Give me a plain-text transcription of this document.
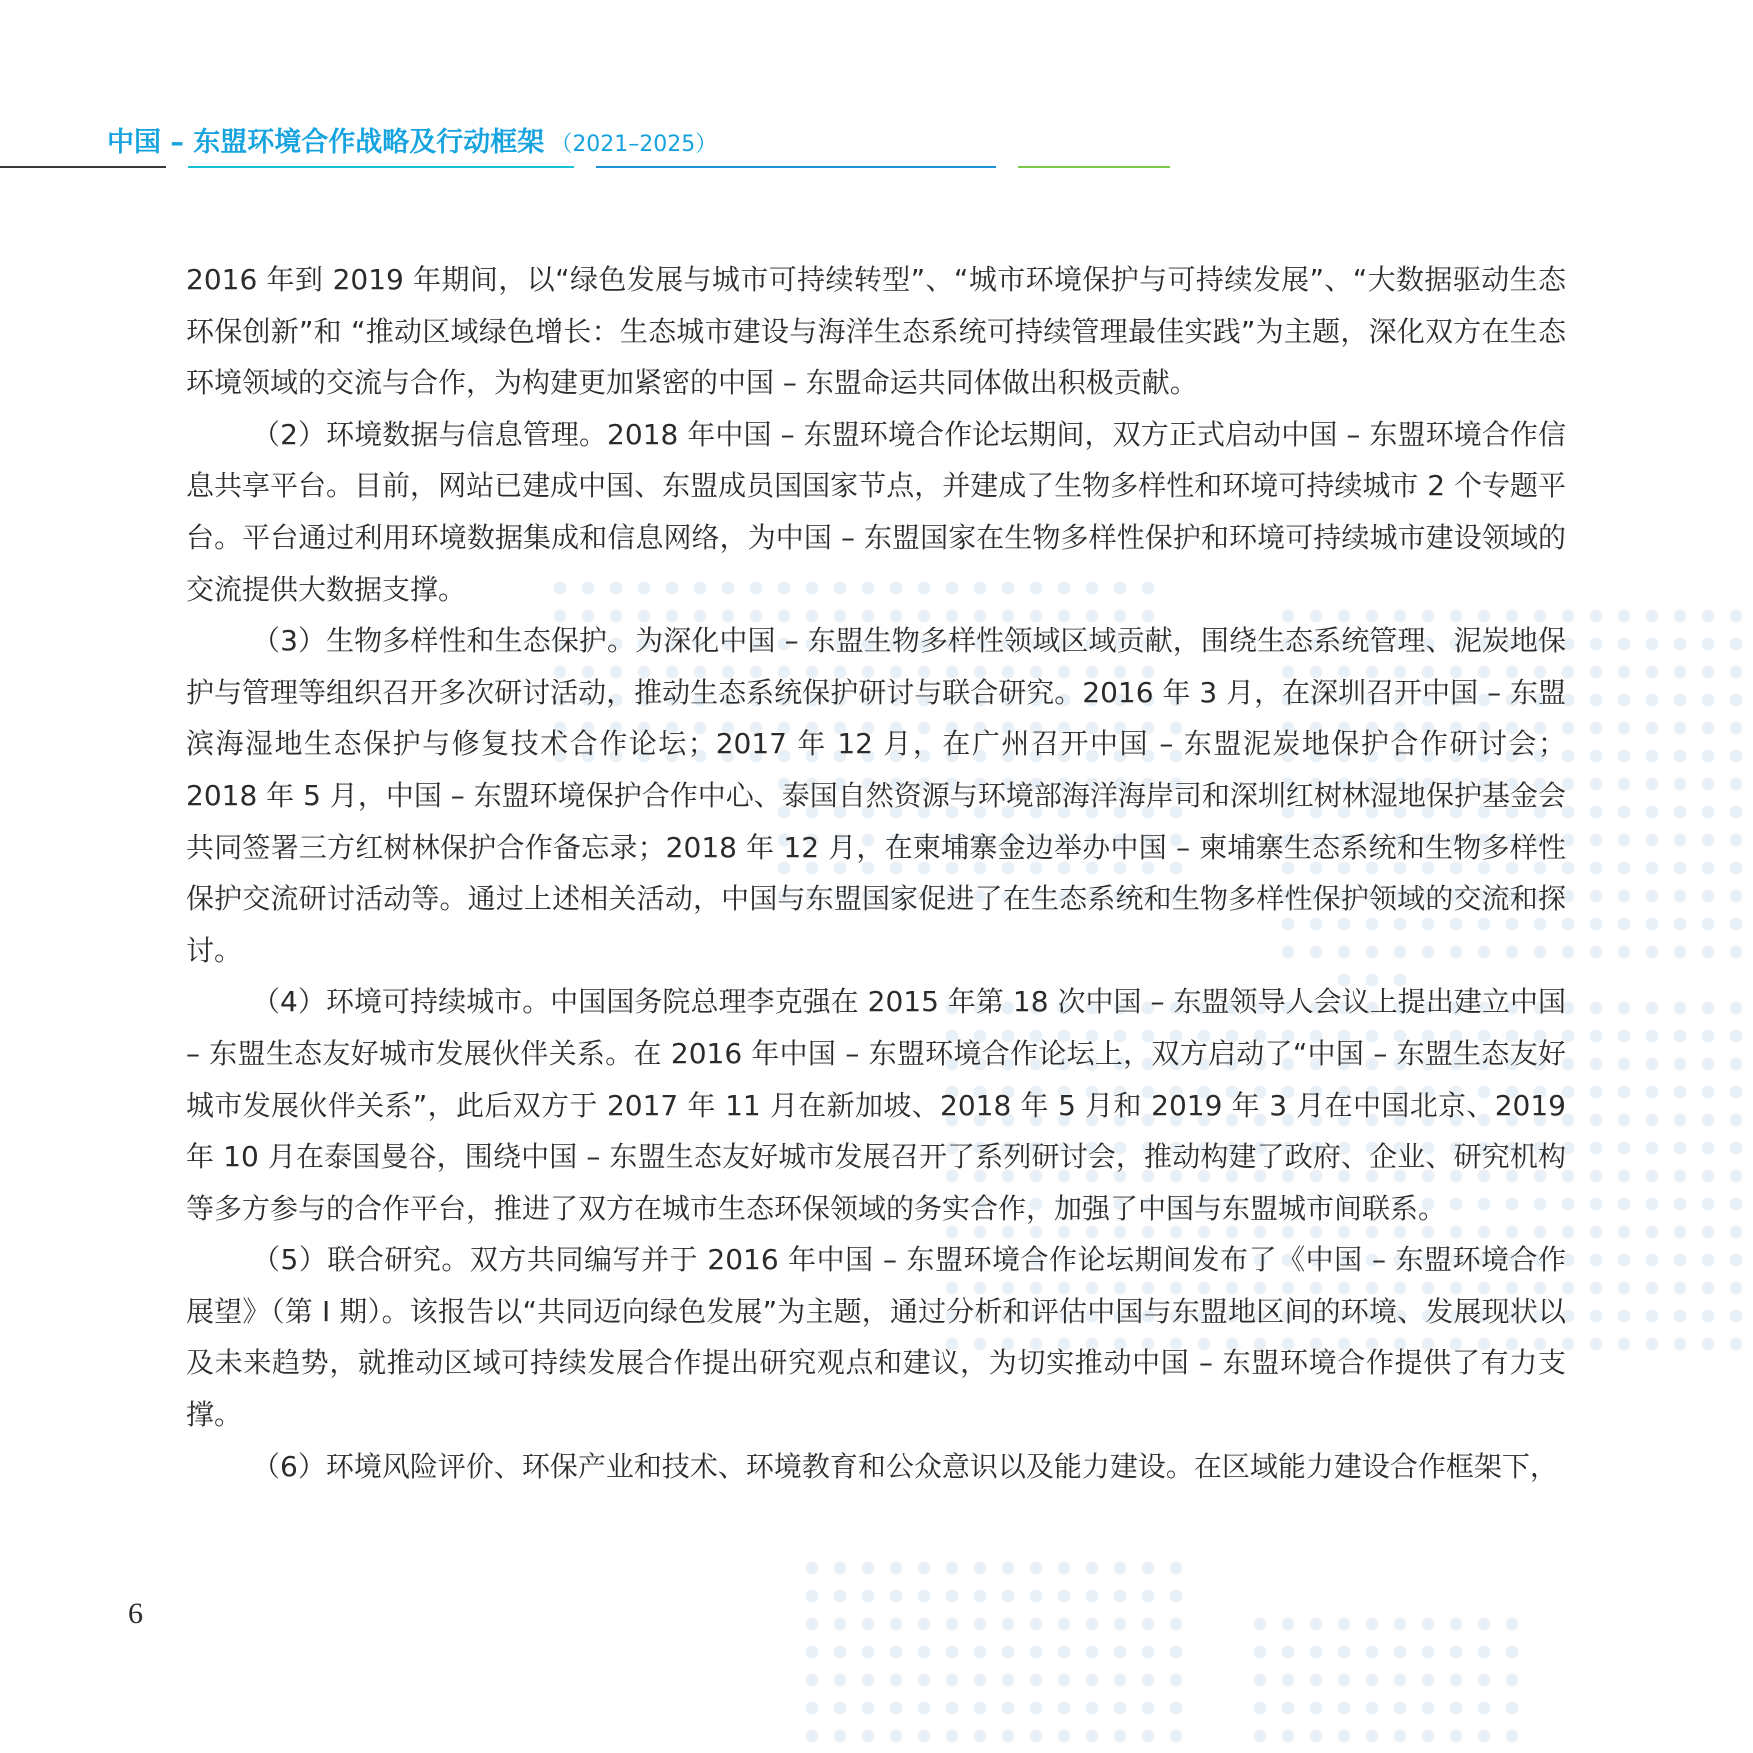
中国 – 东盟环境合作战略及行动框架 （2021–2025）

2016 年到 2019 年期间，以“绿色发展与城市可持续转型”、“城市环境保护与可持续发展”、“大数据驱动生态环保创新”和 “推动区域绿色增长：生态城市建设与海洋生态系统可持续管理最佳实践”为主题，深化双方在生态环境领域的交流与合作，为构建更加紧密的中国 – 东盟命运共同体做出积极贡献。

（2）环境数据与信息管理。2018 年中国 – 东盟环境合作论坛期间，双方正式启动中国 – 东盟环境合作信息共享平台。目前，网站已建成中国、东盟成员国国家节点，并建成了生物多样性和环境可持续城市 2 个专题平台。平台通过利用环境数据集成和信息网络，为中国 – 东盟国家在生物多样性保护和环境可持续城市建设领域的交流提供大数据支撑。

（3）生物多样性和生态保护。为深化中国 – 东盟生物多样性领域区域贡献，围绕生态系统管理、泥炭地保护与管理等组织召开多次研讨活动，推动生态系统保护研讨与联合研究。2016 年 3 月，在深圳召开中国 – 东盟滨海湿地生态保护与修复技术合作论坛；2017 年 12 月，在广州召开中国 – 东盟泥炭地保护合作研讨会；2018 年 5 月，中国 – 东盟环境保护合作中心、泰国自然资源与环境部海洋海岸司和深圳红树林湿地保护基金会共同签署三方红树林保护合作备忘录；2018 年 12 月，在柬埔寨金边举办中国 – 柬埔寨生态系统和生物多样性保护交流研讨活动等。通过上述相关活动，中国与东盟国家促进了在生态系统和生物多样性保护领域的交流和探讨。

（4）环境可持续城市。中国国务院总理李克强在 2015 年第 18 次中国 – 东盟领导人会议上提出建立中国 – 东盟生态友好城市发展伙伴关系。在 2016 年中国 – 东盟环境合作论坛上，双方启动了“中国 – 东盟生态友好城市发展伙伴关系”，此后双方于 2017 年 11 月在新加坡、2018 年 5 月和 2019 年 3 月在中国北京、2019 年 10 月在泰国曼谷，围绕中国 – 东盟生态友好城市发展召开了系列研讨会，推动构建了政府、企业、研究机构等多方参与的合作平台，推进了双方在城市生态环保领域的务实合作，加强了中国与东盟城市间联系。

（5）联合研究。双方共同编写并于 2016 年中国 – 东盟环境合作论坛期间发布了《中国 – 东盟环境合作展望》（第 I 期）。该报告以“共同迈向绿色发展”为主题，通过分析和评估中国与东盟地区间的环境、发展现状以及未来趋势，就推动区域可持续发展合作提出研究观点和建议，为切实推动中国 – 东盟环境合作提供了有力支撑。

（6）环境风险评价、环保产业和技术、环境教育和公众意识以及能力建设。在区域能力建设合作框架下，

6
